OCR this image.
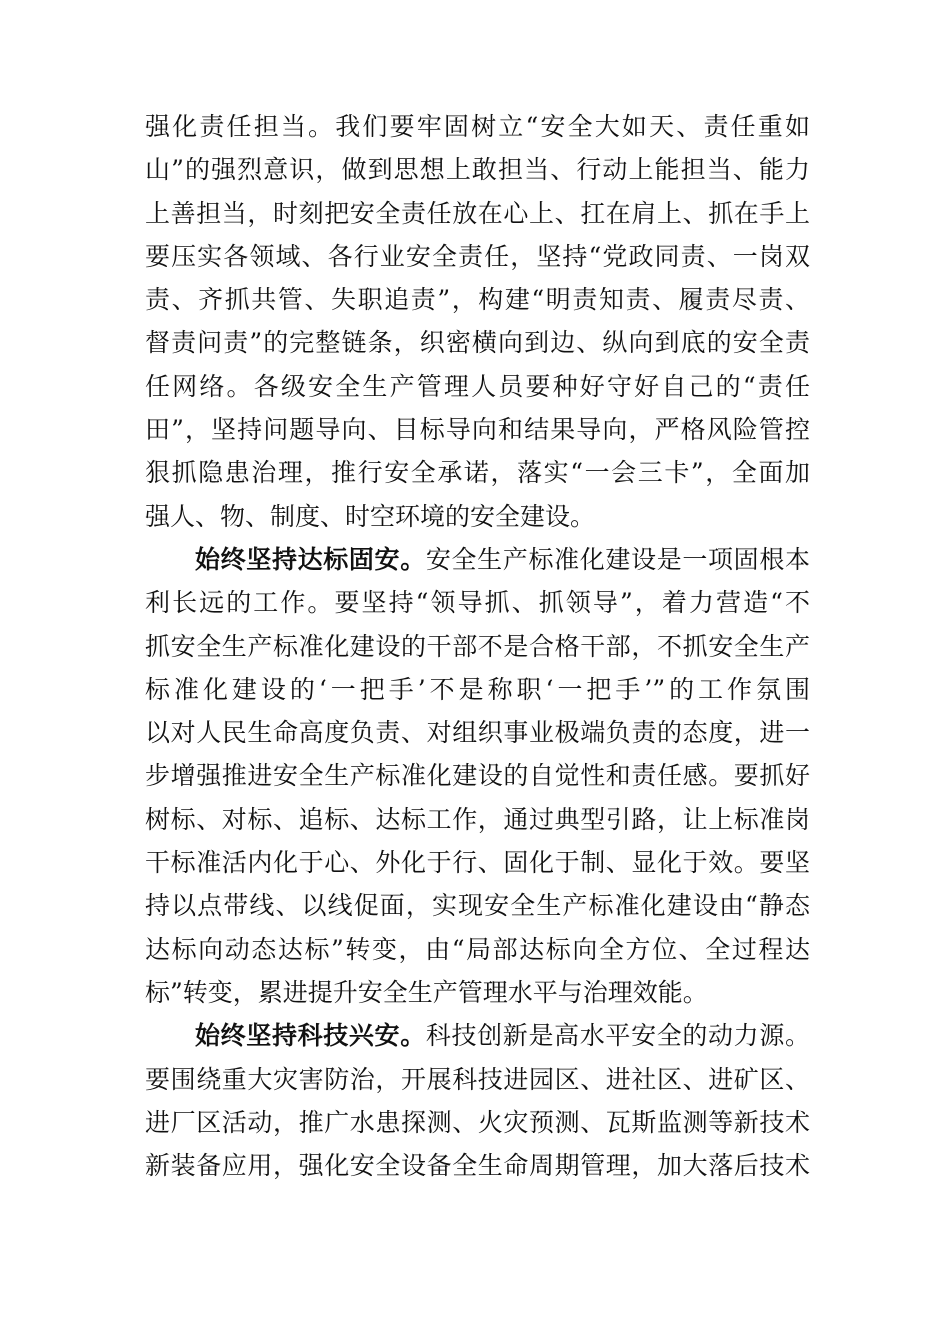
强化责任担当。我们要牢固树立“安全大如天、责任重如
山”的强烈意识，做到思想上敢担当、行动上能担当、能力
上善担当，时刻把安全责任放在心上、扛在肩上、抓在手上
要压实各领域、各行业安全责任，坚持“党政同责、一岗双
责、齐抓共管、失职追责”，构建“明责知责、履责尽责、
督责问责”的完整链条，织密横向到边、纵向到底的安全责
任网络。各级安全生产管理人员要种好守好自己的“责任
田”，坚持问题导向、目标导向和结果导向，严格风险管控
狠抓隐患治理，推行安全承诺，落实“一会三卡”，全面加
强人、物、制度、时空环境的安全建设。
始终坚持达标固安。安全生产标准化建设是一项固根本
利长远的工作。要坚持“领导抓、抓领导”，着力营造“不
抓安全生产标准化建设的干部不是合格干部，不抓安全生产
标准化建设的‘一把手’不是称职‘一把手’”的工作氛围
以对人民生命高度负责、对组织事业极端负责的态度，进一
步增强推进安全生产标准化建设的自觉性和责任感。要抓好
树标、对标、追标、达标工作，通过典型引路，让上标准岗
干标准活内化于心、外化于行、固化于制、显化于效。要坚
持以点带线、以线促面，实现安全生产标准化建设由“静态
达标向动态达标”转变，由“局部达标向全方位、全过程达
标”转变，累进提升安全生产管理水平与治理效能。
始终坚持科技兴安。科技创新是高水平安全的动力源。
要围绕重大灾害防治，开展科技进园区、进社区、进矿区、
进厂区活动，推广水患探测、火灾预测、瓦斯监测等新技术
新装备应用，强化安全设备全生命周期管理，加大落后技术
